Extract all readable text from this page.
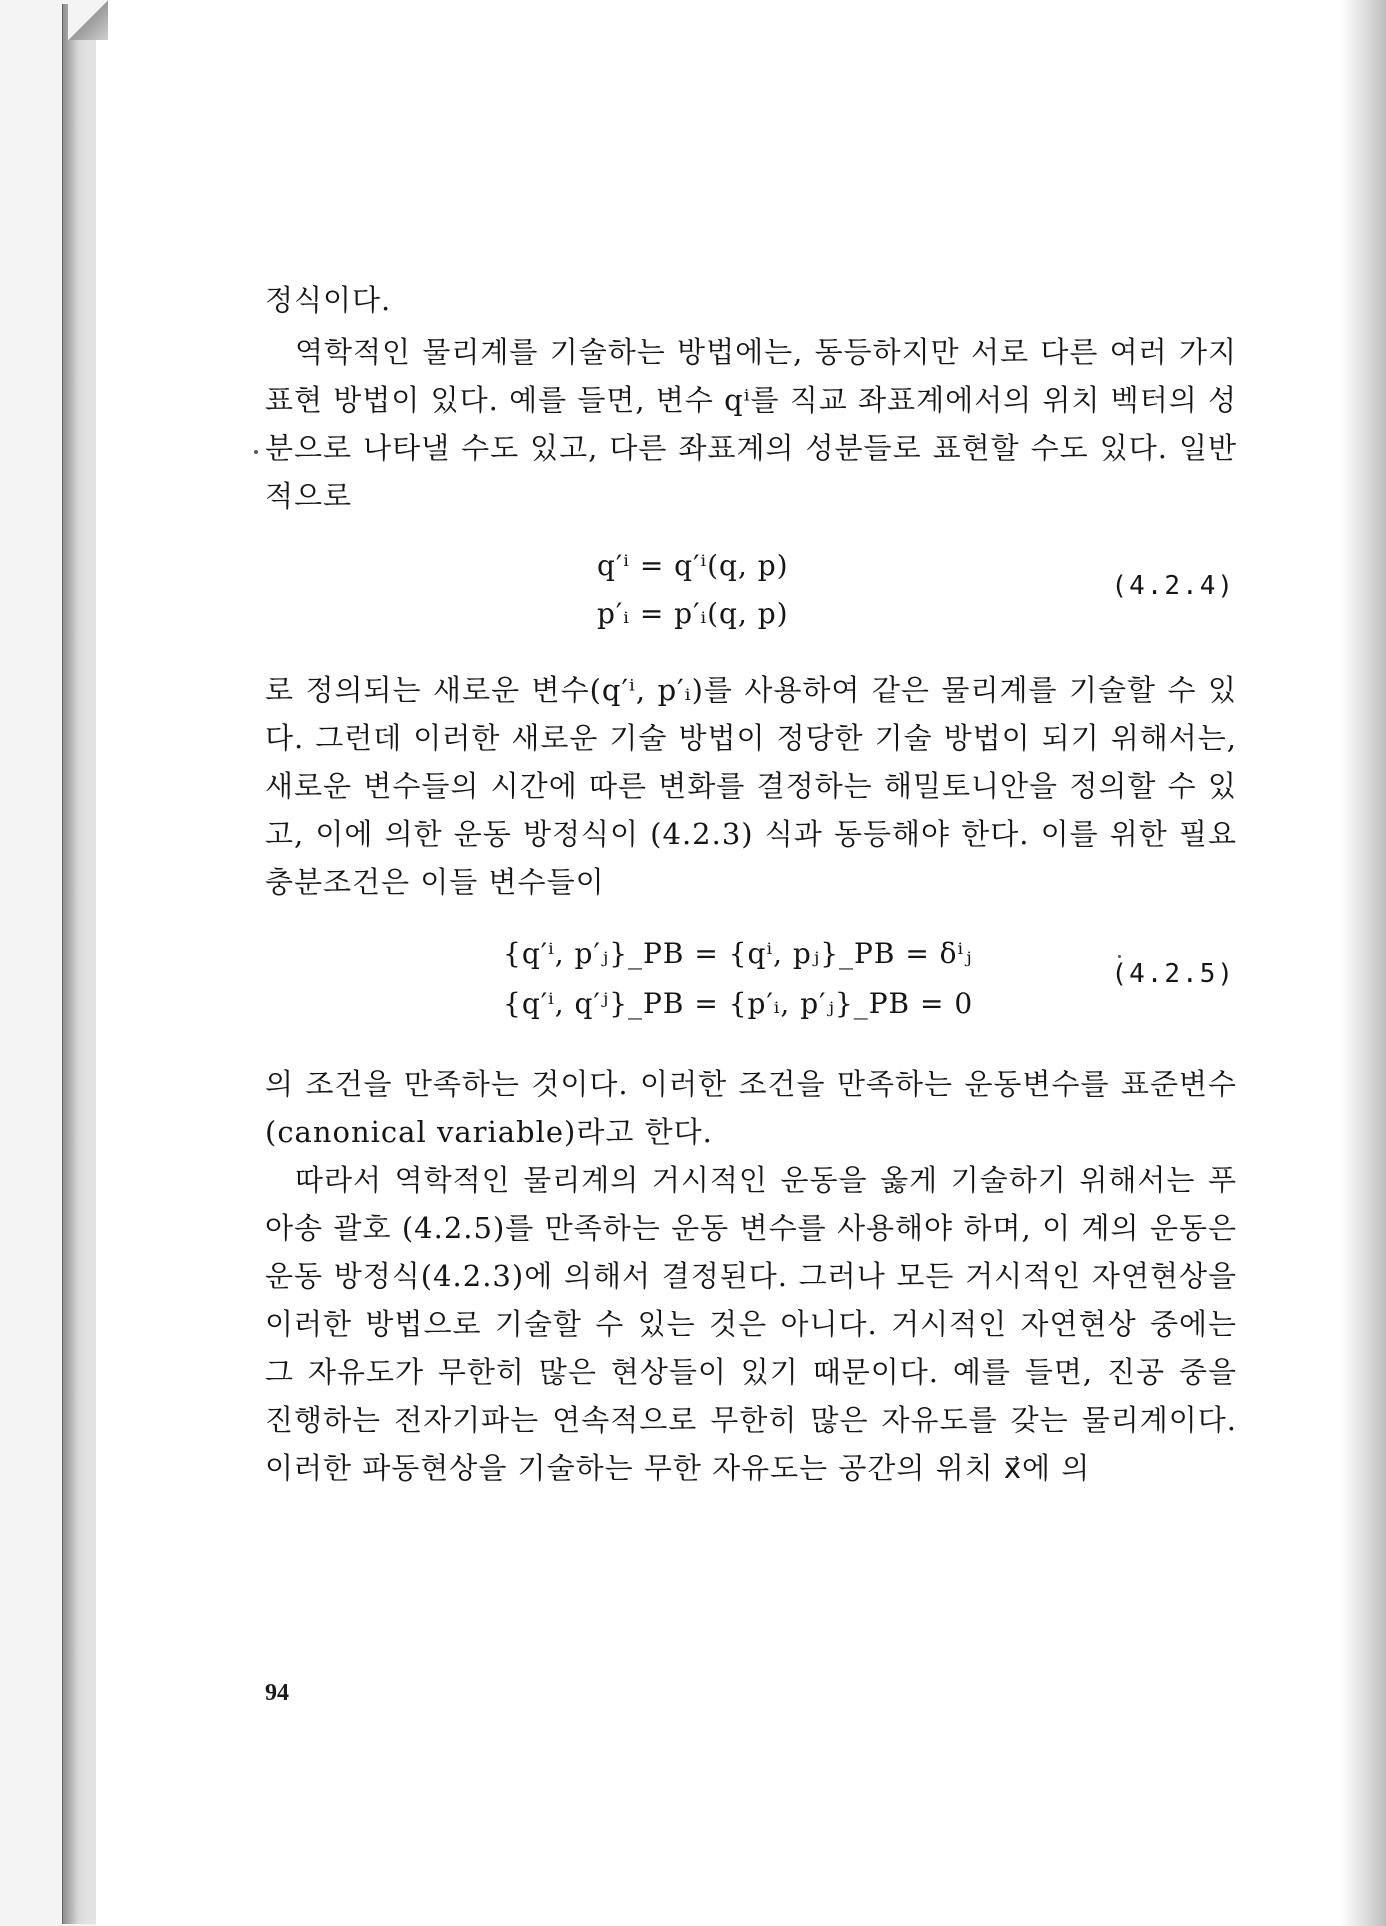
정식이다.

역학적인 물리계를 기술하는 방법에는, 동등하지만 서로 다른 여러 가지 표현 방법이 있다. 예를 들면, 변수 qⁱ를 직교 좌표계에서의 위치 벡터의 성분으로 나타낼 수도 있고, 다른 좌표계의 성분들로 표현할 수도 있다. 일반적으로

q′ⁱ = q′ⁱ(q, p)
p′ᵢ = p′ᵢ(q, p)
(4.2.4)

로 정의되는 새로운 변수(q′ⁱ, p′ᵢ)를 사용하여 같은 물리계를 기술할 수 있다. 그런데 이러한 새로운 기술 방법이 정당한 기술 방법이 되기 위해서는, 새로운 변수들의 시간에 따른 변화를 결정하는 해밀토니안을 정의할 수 있고, 이에 의한 운동 방정식이 (4.2.3) 식과 동등해야 한다. 이를 위한 필요충분조건은 이들 변수들이

{q′ⁱ, p′ⱼ}_PB = {qⁱ, pⱼ}_PB = δⁱⱼ
{q′ⁱ, q′ʲ}_PB = {p′ᵢ, p′ⱼ}_PB = 0
(4.2.5)

의 조건을 만족하는 것이다. 이러한 조건을 만족하는 운동변수를 표준변수(canonical variable)라고 한다.

따라서 역학적인 물리계의 거시적인 운동을 옳게 기술하기 위해서는 푸아송 괄호 (4.2.5)를 만족하는 운동 변수를 사용해야 하며, 이 계의 운동은 운동 방정식(4.2.3)에 의해서 결정된다. 그러나 모든 거시적인 자연현상을 이러한 방법으로 기술할 수 있는 것은 아니다. 거시적인 자연현상 중에는 그 자유도가 무한히 많은 현상들이 있기 때문이다. 예를 들면, 진공 중을 진행하는 전자기파는 연속적으로 무한히 많은 자유도를 갖는 물리계이다. 이러한 파동현상을 기술하는 무한 자유도는 공간의 위치 x⃗에 의

94
